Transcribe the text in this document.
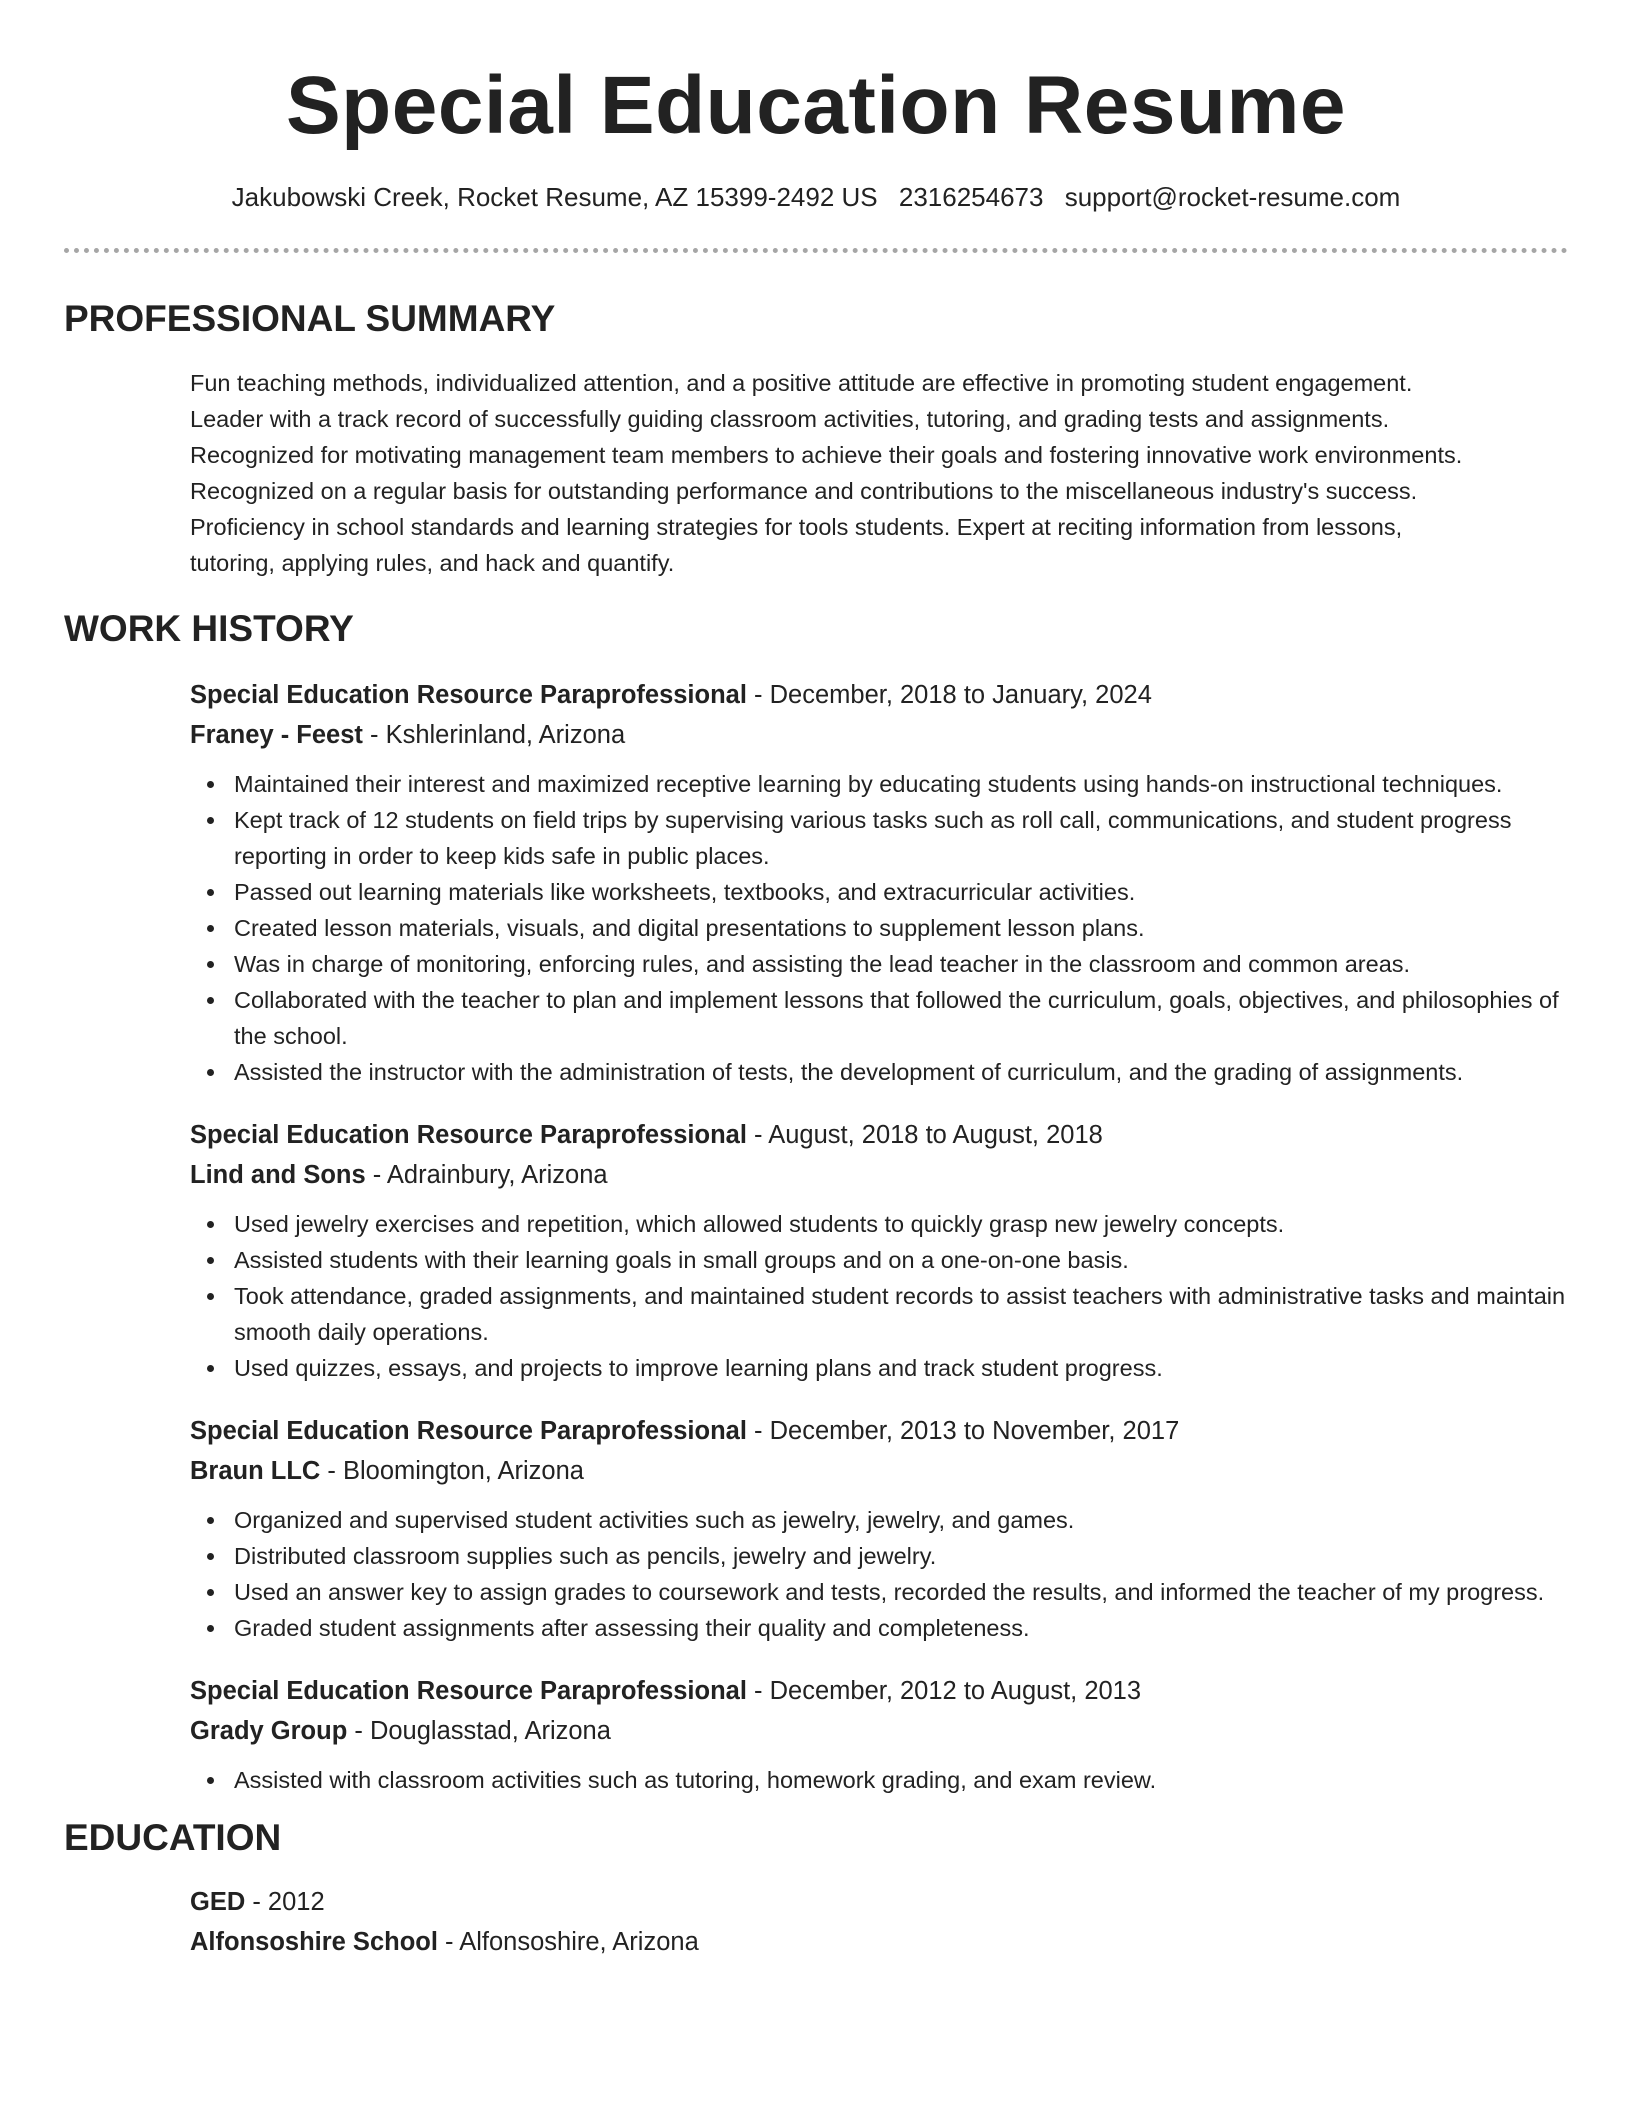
Special Education Resume
Jakubowski Creek, Rocket Resume, AZ 15399-2492 US 2316254673 support@rocket-resume.com
PROFESSIONAL SUMMARY
Fun teaching methods, individualized attention, and a positive attitude are effective in promoting student engagement.
Leader with a track record of successfully guiding classroom activities, tutoring, and grading tests and assignments.
Recognized for motivating management team members to achieve their goals and fostering innovative work environments.
Recognized on a regular basis for outstanding performance and contributions to the miscellaneous industry's success.
Proficiency in school standards and learning strategies for tools students. Expert at reciting information from lessons,
tutoring, applying rules, and hack and quantify.
WORK HISTORY
Special Education Resource Paraprofessional - December, 2018 to January, 2024
Franey - Feest - Kshlerinland, Arizona
Maintained their interest and maximized receptive learning by educating students using hands-on instructional techniques.
Kept track of 12 students on field trips by supervising various tasks such as roll call, communications, and student progress reporting in order to keep kids safe in public places.
Passed out learning materials like worksheets, textbooks, and extracurricular activities.
Created lesson materials, visuals, and digital presentations to supplement lesson plans.
Was in charge of monitoring, enforcing rules, and assisting the lead teacher in the classroom and common areas.
Collaborated with the teacher to plan and implement lessons that followed the curriculum, goals, objectives, and philosophies of the school.
Assisted the instructor with the administration of tests, the development of curriculum, and the grading of assignments.
Special Education Resource Paraprofessional - August, 2018 to August, 2018
Lind and Sons - Adrainbury, Arizona
Used jewelry exercises and repetition, which allowed students to quickly grasp new jewelry concepts.
Assisted students with their learning goals in small groups and on a one-on-one basis.
Took attendance, graded assignments, and maintained student records to assist teachers with administrative tasks and maintain smooth daily operations.
Used quizzes, essays, and projects to improve learning plans and track student progress.
Special Education Resource Paraprofessional - December, 2013 to November, 2017
Braun LLC - Bloomington, Arizona
Organized and supervised student activities such as jewelry, jewelry, and games.
Distributed classroom supplies such as pencils, jewelry and jewelry.
Used an answer key to assign grades to coursework and tests, recorded the results, and informed the teacher of my progress.
Graded student assignments after assessing their quality and completeness.
Special Education Resource Paraprofessional - December, 2012 to August, 2013
Grady Group - Douglasstad, Arizona
Assisted with classroom activities such as tutoring, homework grading, and exam review.
EDUCATION
GED - 2012
Alfonsoshire School - Alfonsoshire, Arizona
